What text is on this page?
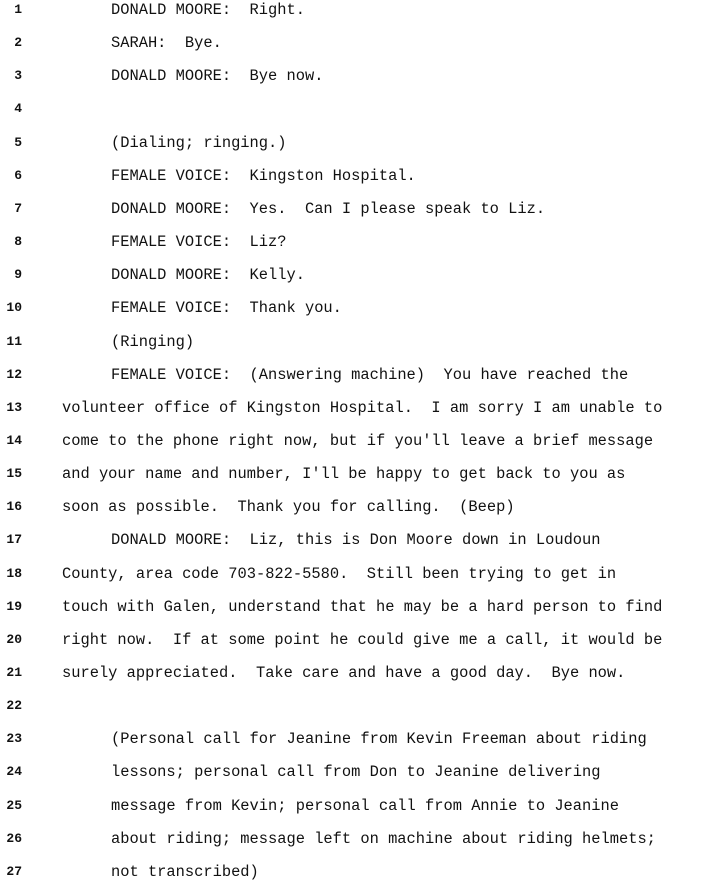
1	DONALD MOORE:  Right.
2	SARAH:  Bye.
3	DONALD MOORE:  Bye now.
4
5	(Dialing; ringing.)
6	FEMALE VOICE:  Kingston Hospital.
7	DONALD MOORE:  Yes.  Can I please speak to Liz.
8	FEMALE VOICE:  Liz?
9	DONALD MOORE:  Kelly.
10	FEMALE VOICE:  Thank you.
11	(Ringing)
12	FEMALE VOICE:  (Answering machine)  You have reached the
13	volunteer office of Kingston Hospital.  I am sorry I am unable to
14	come to the phone right now, but if you'll leave a brief message
15	and your name and number, I'll be happy to get back to you as
16	soon as possible.  Thank you for calling.  (Beep)
17	DONALD MOORE:  Liz, this is Don Moore down in Loudoun
18	County, area code 703-822-5580.  Still been trying to get in
19	touch with Galen, understand that he may be a hard person to find
20	right now.  If at some point he could give me a call, it would be
21	surely appreciated.  Take care and have a good day.  Bye now.
22
23	(Personal call for Jeanine from Kevin Freeman about riding
24	lessons; personal call from Don to Jeanine delivering
25	message from Kevin; personal call from Annie to Jeanine
26	about riding; message left on machine about riding helmets;
27	not transcribed)
